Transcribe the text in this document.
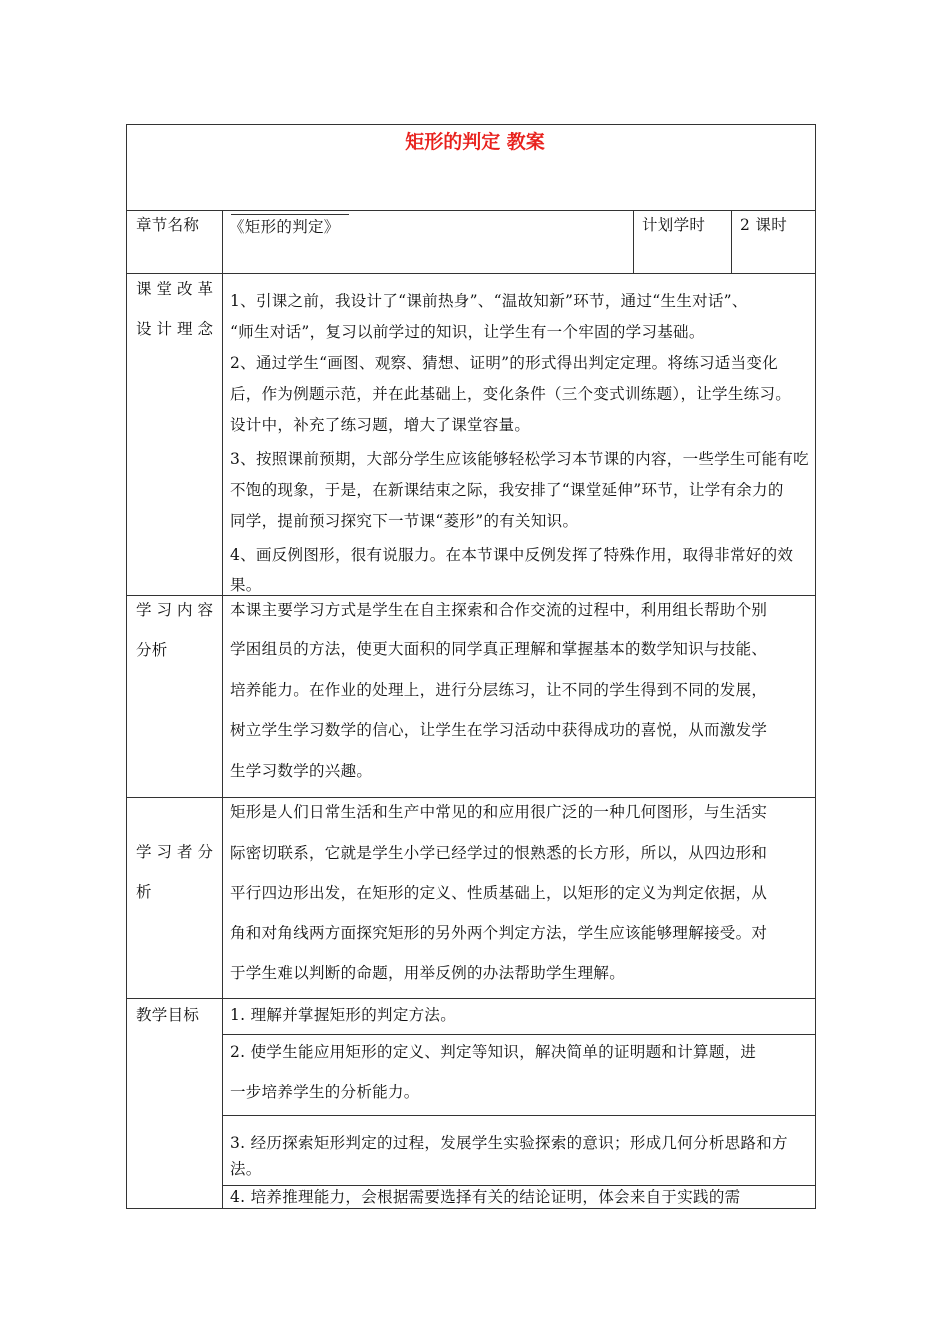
矩形的判定 教案
章节名称 《矩形的判定》	计划学时 2 课时
课堂改革
设计理念
1、引课之前，我设计了“课前热身”、“温故知新”环节，通过“生生对话”、
“师生对话”，复习以前学过的知识，让学生有一个牢固的学习基础。
2、通过学生“画图、观察、猜想、证明”的形式得出判定定理。将练习适当变化
后，作为例题示范，并在此基础上，变化条件（三个变式训练题），让学生练习。
设计中，补充了练习题，增大了课堂容量。
3、按照课前预期，大部分学生应该能够轻松学习本节课的内容，一些学生可能有吃
不饱的现象，于是，在新课结束之际，我安排了“课堂延伸”环节，让学有余力的
同学，提前预习探究下一节课“菱形”的有关知识。
4、画反例图形，很有说服力。在本节课中反例发挥了特殊作用，取得非常好的效
果。
学习内容
分析
本课主要学习方式是学生在自主探索和合作交流的过程中，利用组长帮助个别
学困组员的方法，使更大面积的同学真正理解和掌握基本的数学知识与技能、
培养能力。在作业的处理上，进行分层练习，让不同的学生得到不同的发展，
树立学生学习数学的信心，让学生在学习活动中获得成功的喜悦，从而激发学
生学习数学的兴趣。
学习者分
析
矩形是人们日常生活和生产中常见的和应用很广泛的一种几何图形，与生活实
际密切联系，它就是学生小学已经学过的恨熟悉的长方形，所以，从四边形和
平行四边形出发，在矩形的定义、性质基础上，以矩形的定义为判定依据，从
角和对角线两方面探究矩形的另外两个判定方法，学生应该能够理解接受。对
于学生难以判断的命题，用举反例的办法帮助学生理解。
教学目标 1. 理解并掌握矩形的判定方法。
2. 使学生能应用矩形的定义、判定等知识，解决简单的证明题和计算题，进
一步培养学生的分析能力。
3. 经历探索矩形判定的过程，发展学生实验探索的意识；形成几何分析思路和方
法。
4. 培养推理能力，会根据需要选择有关的结论证明，体会来自于实践的需
